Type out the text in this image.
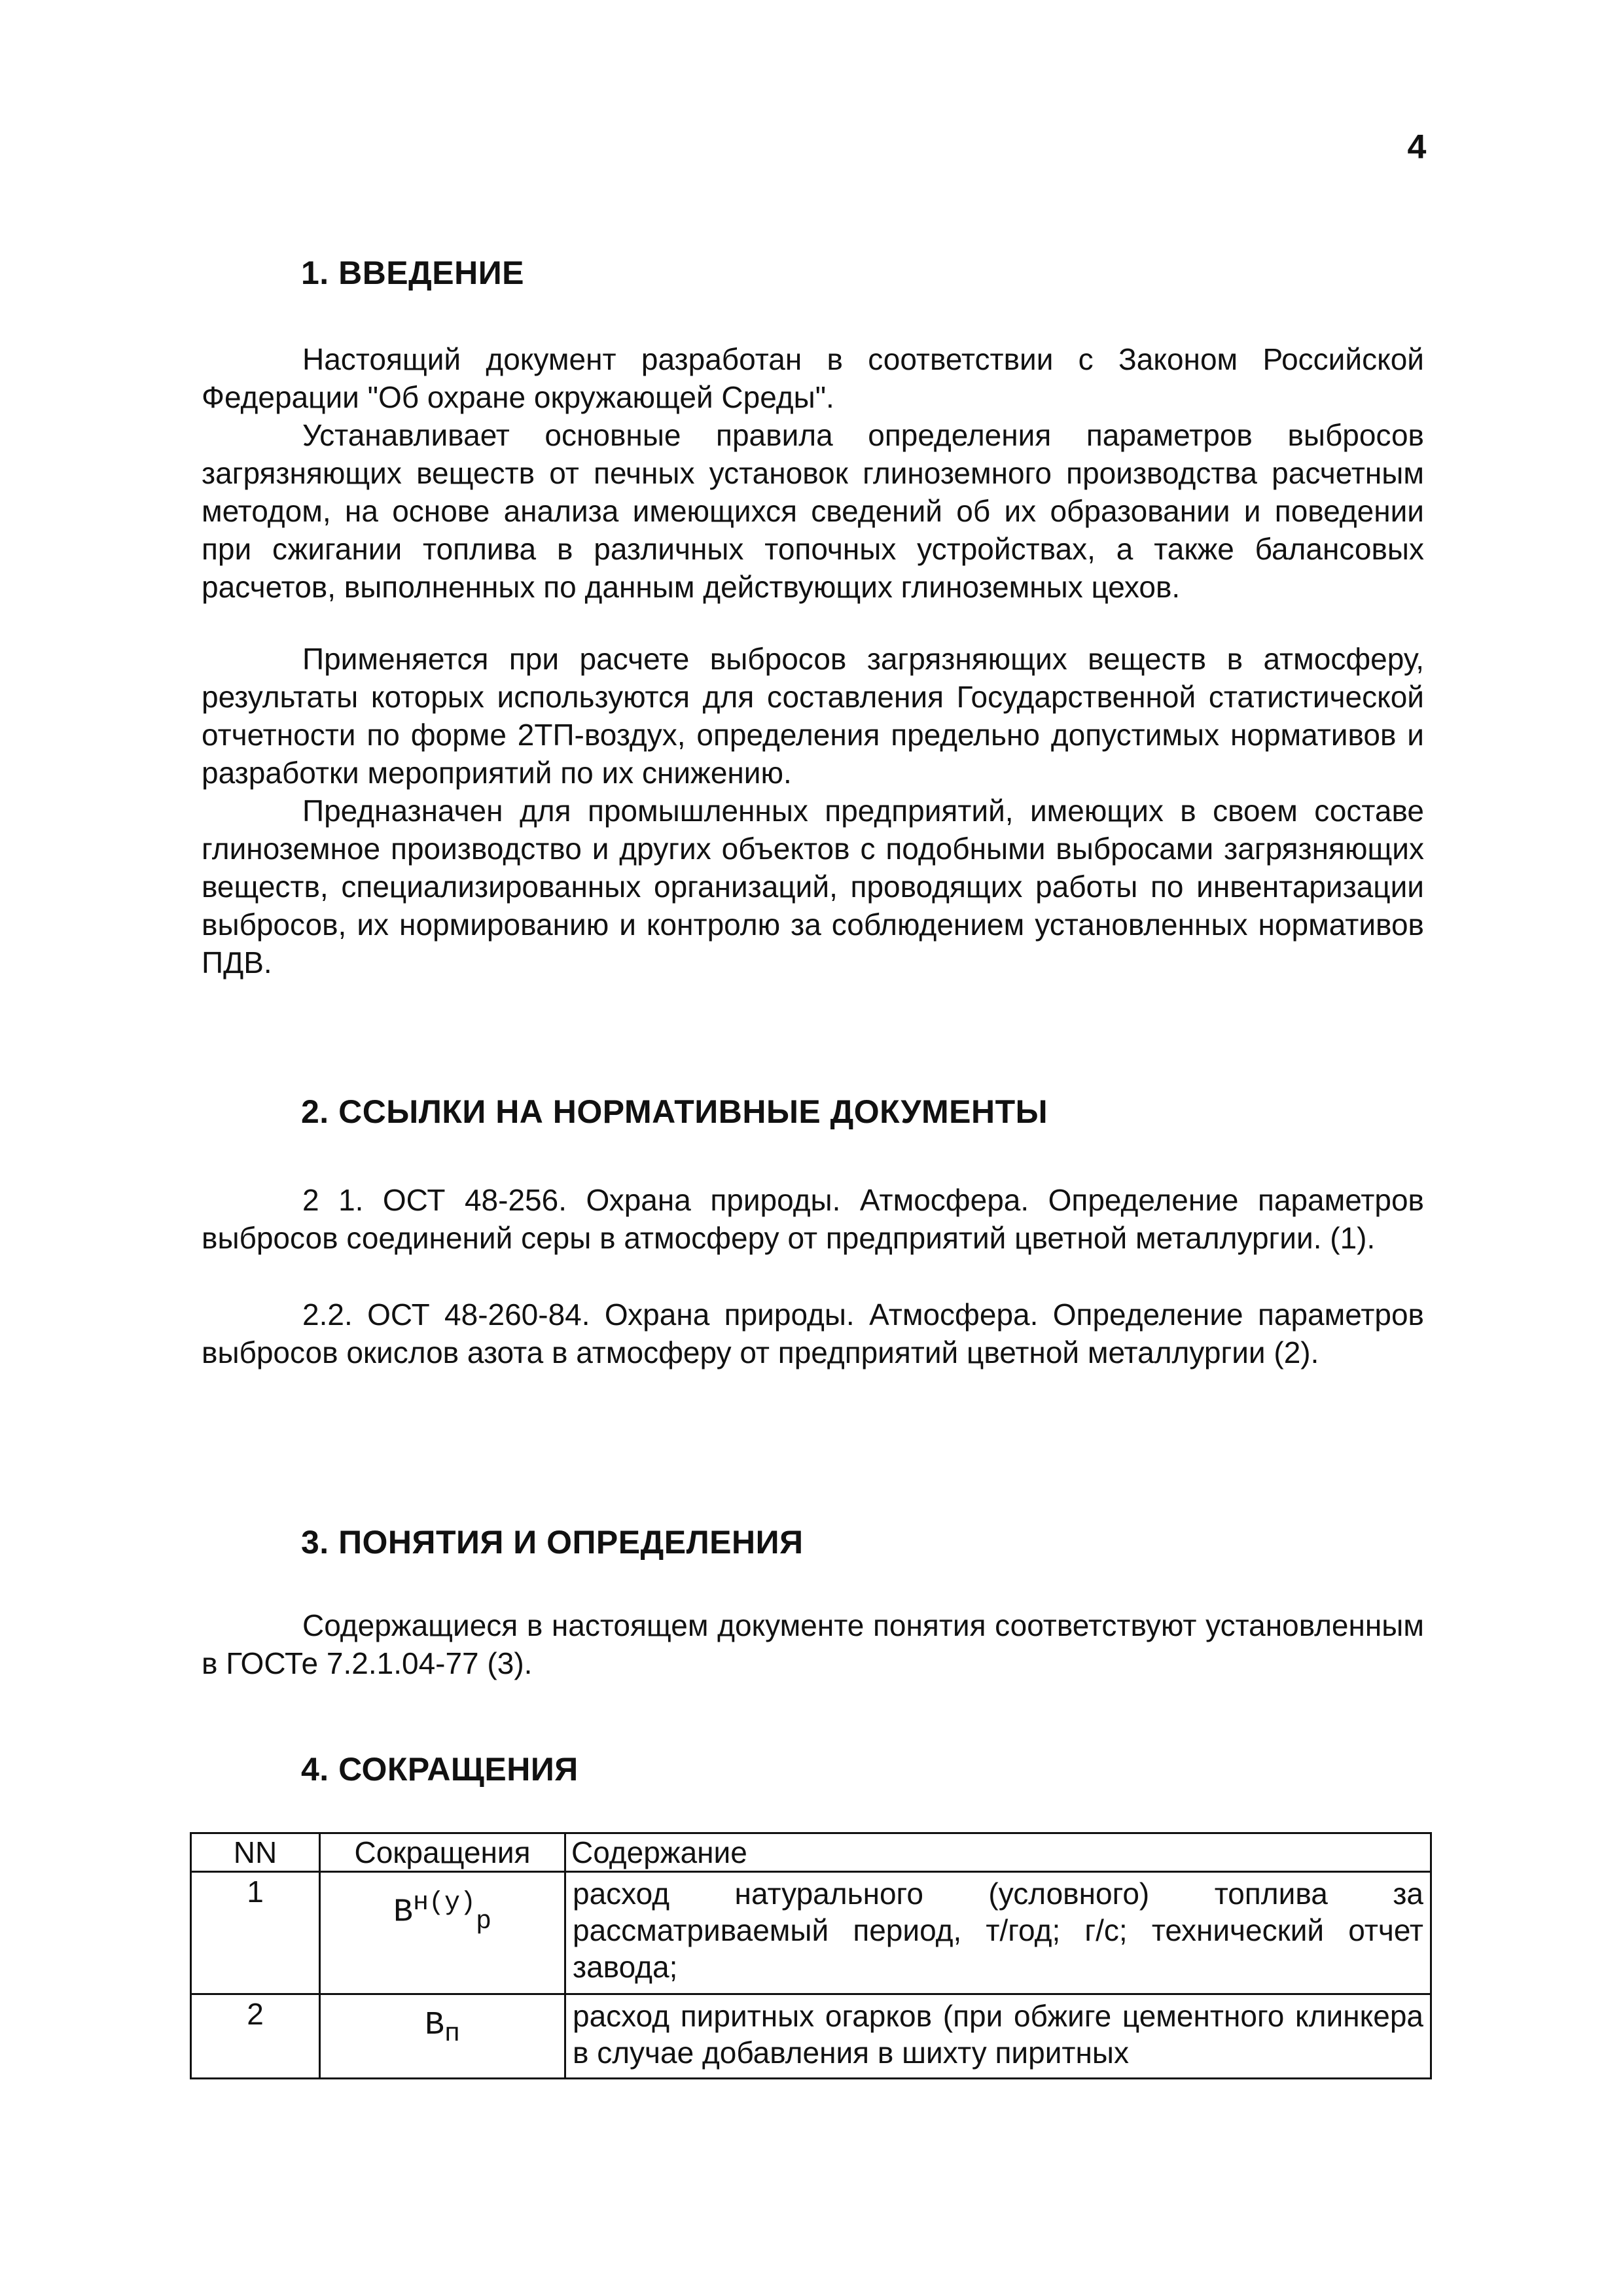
4
1. ВВЕДЕНИЕ

Настоящий документ разработан в соответствии с Законом Российской Федерации "Об охране окружающей Среды".

Устанавливает основные правила определения параметров выбросов загрязняющих веществ от печных установок глиноземного производства расчетным методом, на основе анализа имеющихся сведений об их образовании и поведении при сжигании топлива в различных топочных устройствах, а также балансовых расчетов, выполненных по данным действующих глиноземных цехов.

Применяется при расчете выбросов загрязняющих веществ в атмосферу, результаты которых используются для составления Государственной статистической отчетности по форме 2ТП-воздух, определения предельно допустимых нормативов и разработки мероприятий по их снижению.

Предназначен для промышленных предприятий, имеющих в своем составе глиноземное производство и других объектов с подобными выбросами загрязняющих веществ, специализированных организаций, проводящих работы по инвентаризации выбросов, их нормированию и контролю за соблюдением установленных нормативов ПДВ.

2. ССЫЛКИ НА НОРМАТИВНЫЕ ДОКУМЕНТЫ

2 1. ОСТ 48-256. Охрана природы. Атмосфера. Определение параметров выбросов соединений серы в атмосферу от предприятий цветной металлургии. (1).

2.2. ОСТ 48-260-84. Охрана природы. Атмосфера. Определение параметров выбросов окислов азота в атмосферу от предприятий цветной металлургии (2).

3. ПОНЯТИЯ И ОПРЕДЕЛЕНИЯ

Содержащиеся в настоящем документе понятия соответствуют установленным в ГОСТе 7.2.1.04-77 (3).

4. СОКРАЩЕНИЯ
NN	Сокращения	Содержание
1	$B^{н(у)}_р$	расход натурального (условного) топлива за рассматриваемый период, т/год; г/с; технический отчет завода;
2	$B_п$	расход пиритных огарков (при обжиге цементного клинкера в случае добавления в шихту пиритных
